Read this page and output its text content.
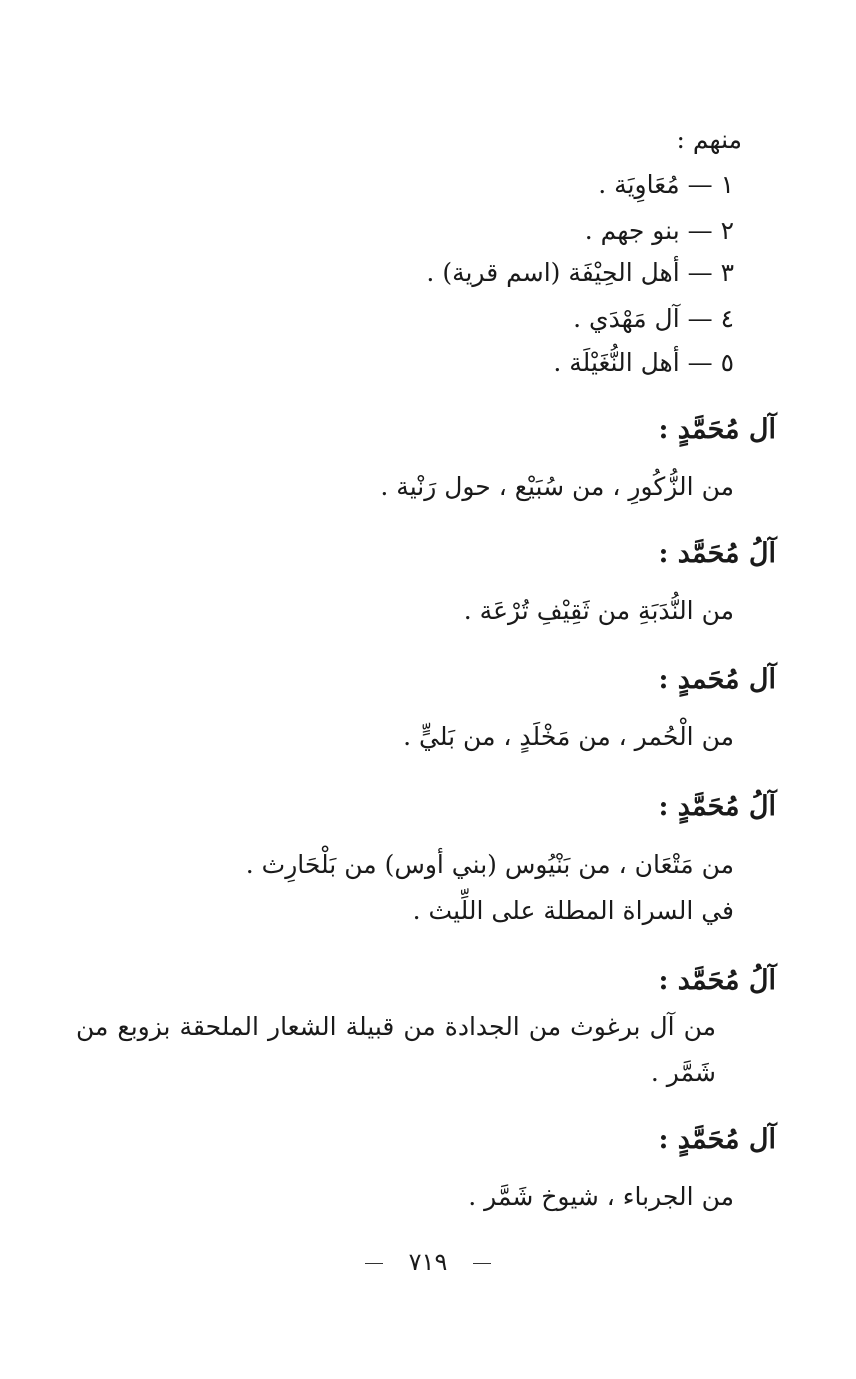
منهم :
١ — مُعَاوِيَة .
٢ — بنو جهم .
٣ — أهل الحِيْفَة (اسم قرية) .
٤ — آل مَهْدَي .
٥ — أهل النُّغَيْلَة .
آل مُحَمَّدٍ :
من الزُّكُورِ ، من سُبَيْع ، حول رَنْية .
آلُ مُحَمَّد :
من النُّدَبَةِ من ثَقِيْفِ تُرْعَة .
آل مُحَمدٍ :
من الْحُمر ، من مَخْلَدٍ ، من بَليٍّ .
آلُ مُحَمَّدٍ :
من مَتْعَان ، من بَنْيُوس (بني أوس) من بَلْحَارِث .
في السراة المطلة على اللِّيث .
آلُ مُحَمَّد :
من آل برغوث من الجدادة من قبيلة الشعار الملحقة بزوبع من
شَمَّر .
آل مُحَمَّدٍ :
من الجرباء ، شيوخ شَمَّر .
٧١٩
